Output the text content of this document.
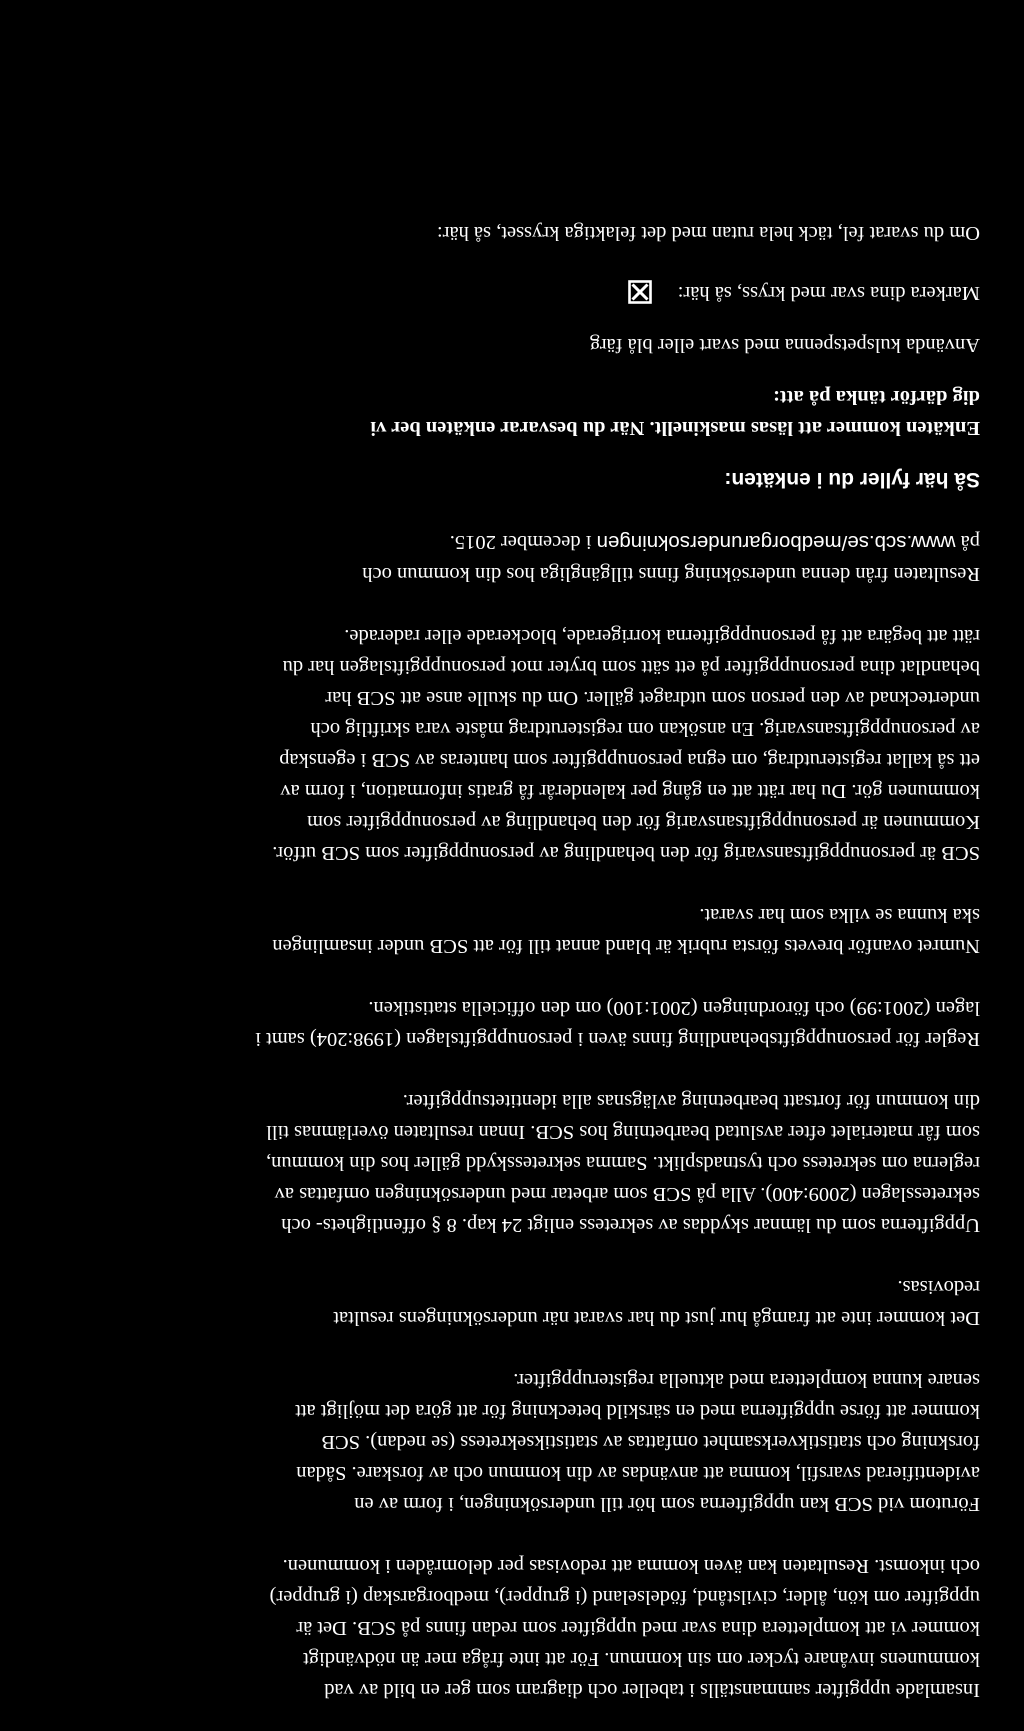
Insamlade uppgifter sammanställs i tabeller och diagram som ger en bild av vad
kommunens invånare tycker om sin kommun. För att inte fråga mer än nödvändigt
kommer vi att komplettera dina svar med uppgifter som redan finns på SCB. Det är
uppgifter om kön, ålder, civilstånd, födelseland (i grupper), medborgarskap (i grupper)
och inkomst. Resultaten kan även komma att redovisas per delområden i kommunen.

Förutom vid SCB kan uppgifterna som hör till undersökningen, i form av en
avidentifierad svarsfil, komma att användas av din kommun och av forskare. Sådan
forskning och statistikverksamhet omfattas av statistiksekretess (se nedan). SCB
kommer att förse uppgifterna med en särskild beteckning för att göra det möjligt att
senare kunna komplettera med aktuella registeruppgifter.

Det kommer inte att framgå hur just du har svarat när undersökningens resultat
redovisas.

Uppgifterna som du lämnar skyddas av sekretess enligt 24 kap. 8 § offentlighets- och
sekretesslagen (2009:400). Alla på SCB som arbetar med undersökningen omfattas av
reglerna om sekretess och tystnadsplikt. Samma sekretesskydd gäller hos din kommun,
som får materialet efter avslutad bearbetning hos SCB. Innan resultaten överlämnas till
din kommun för fortsatt bearbetning avlägsnas alla identitetsuppgifter.

Regler för personuppgiftsbehandling finns även i personuppgiftslagen (1998:204) samt i
lagen (2001:99) och förordningen (2001:100) om den officiella statistiken.

Numret ovanför brevets första rubrik är bland annat till för att SCB under insamlingen
ska kunna se vilka som har svarat.

SCB är personuppgiftsansvarig för den behandling av personuppgifter som SCB utför.
Kommunen är personuppgiftsansvarig för den behandling av personuppgifter som
kommunen gör. Du har rätt att en gång per kalenderår få gratis information, i form av
ett så kallat registerutdrag, om egna personuppgifter som hanteras av SCB i egenskap
av personuppgiftsansvarig. En ansökan om registerutdrag måste vara skriftlig och
undertecknad av den person som utdraget gäller. Om du skulle anse att SCB har
behandlat dina personuppgifter på ett sätt som bryter mot personuppgiftslagen har du
rätt att begära att få personuppgifterna korrigerade, blockerade eller raderade.

Resultaten från denna undersökning finns tillgängliga hos din kommun och
på www.scb.se/medborgarundersokningen i december 2015.

Så här fyller du i enkäten:

Enkäten kommer att läsas maskinellt. När du besvarar enkäten ber vi
dig därför tänka på att:

Använda kulspetspenna med svart eller blå färg

Markera dina svar med kryss, så här:

Om du svarat fel, täck hela rutan med det felaktiga krysset, så här:
